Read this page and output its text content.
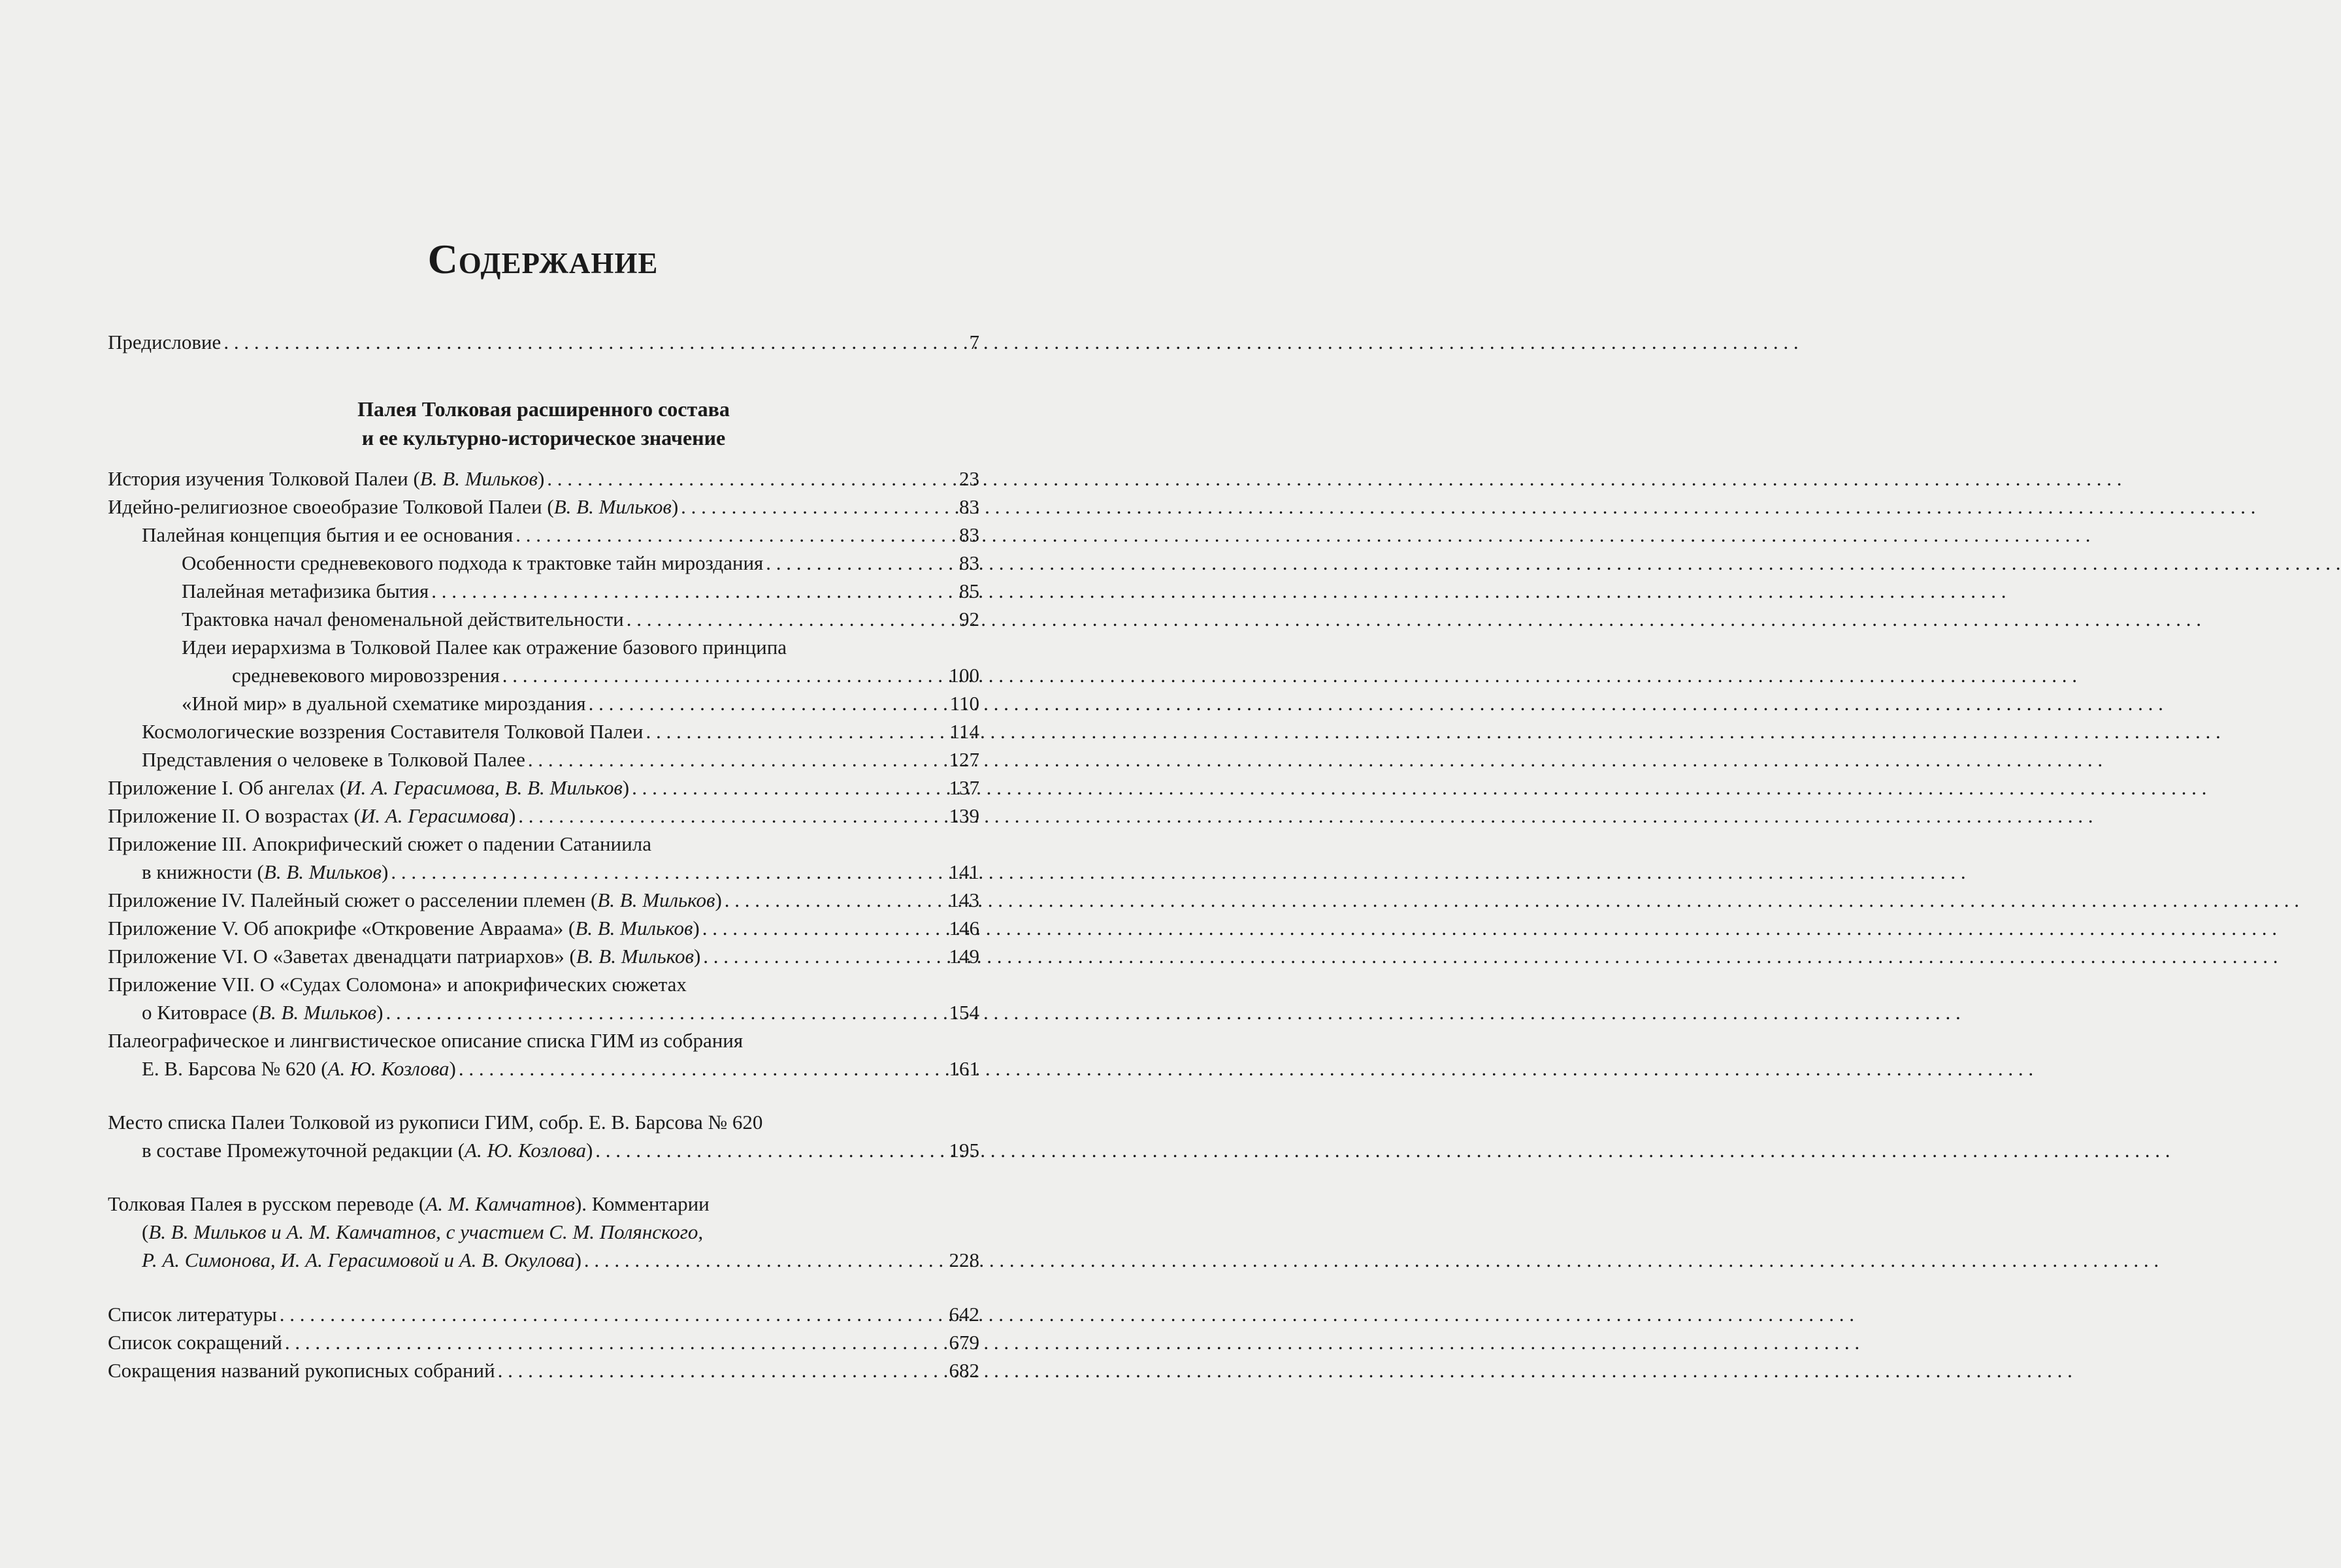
Содержание
Предисловие . . .	7
Палея Толковая расширенного состава
и ее культурно-историческое значение
История изучения Толковой Палеи (В. В. Мильков) . . .	23
Идейно-религиозное своеобразие Толковой Палеи (В. В. Мильков) . . .	83
Палейная концепция бытия и ее основания . . .	83
Особенности средневекового подхода к трактовке тайн мироздания . . .	83
Палейная метафизика бытия . . .	85
Трактовка начал феноменальной действительности . . .	92
Идеи иерархизма в Толковой Палее как отражение базового принципа
средневекового мировоззрения . . .	100
«Иной мир» в дуальной схематике мироздания . . .	110
Космологические воззрения Составителя Толковой Палеи . . .	114
Представления о человеке в Толковой Палее . . .	127
Приложение I. Об ангелах (И. А. Герасимова, В. В. Мильков) . . .	137
Приложение II. О возрастах (И. А. Герасимова) . . .	139
Приложение III. Апокрифический сюжет о падении Сатаниила
в книжности (В. В. Мильков) . . .	141
Приложение IV. Палейный сюжет о расселении племен (В. В. Мильков) . . .	143
Приложение V. Об апокрифе «Откровение Авраама» (В. В. Мильков) . . .	146
Приложение VI. О «Заветах двенадцати патриархов» (В. В. Мильков) . . .	149
Приложение VII. О «Судах Соломона» и апокрифических сюжетах
о Китоврасе (В. В. Мильков) . . .	154
Палеографическое и лингвистическое описание списка ГИМ из собрания
Е. В. Барсова № 620 (А. Ю. Козлова) . . .	161
Место списка Палеи Толковой из рукописи ГИМ, собр. Е. В. Барсова № 620
в составе Промежуточной редакции (А. Ю. Козлова) . . .	195
Толковая Палея в русском переводе (А. М. Камчатнов). Комментарии
(В. В. Мильков и А. М. Камчатнов, с участием С. М. Полянского,
Р. А. Симонова, И. А. Герасимовой и А. В. Окулова) . . .	228
Список литературы . . .	642
Список сокращений . . .	679
Сокращения названий рукописных собраний . . .	682
